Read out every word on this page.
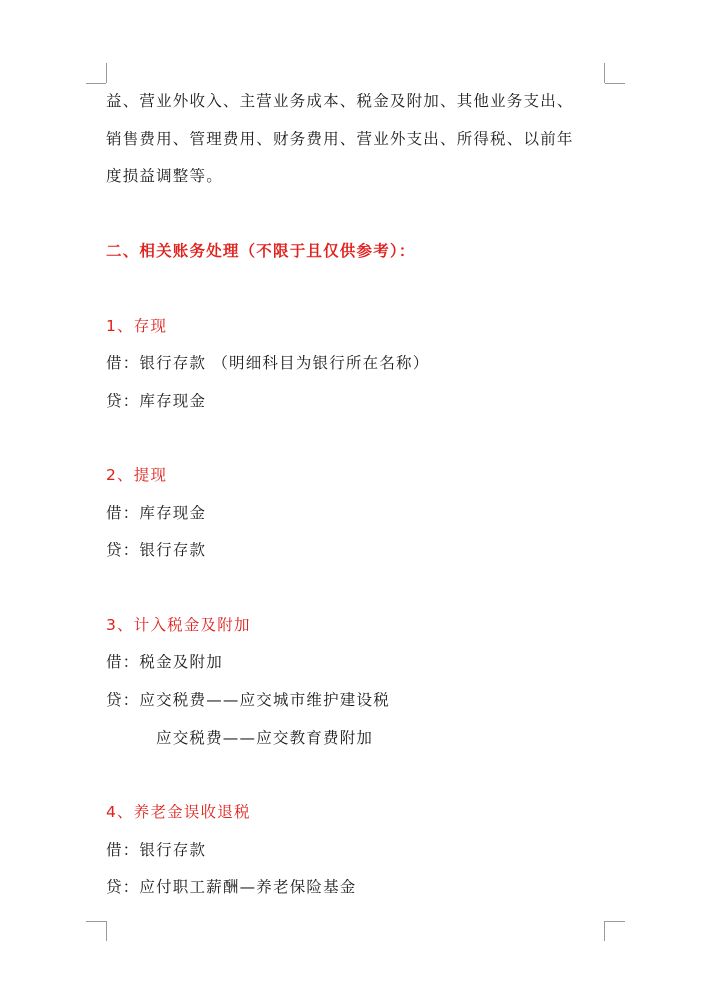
益、营业外收入、主营业务成本、税金及附加、其他业务支出、
销售费用、管理费用、财务费用、营业外支出、所得税、以前年
度损益调整等。
二、相关账务处理（不限于且仅供参考）：
1、存现
借：银行存款 （明细科目为银行所在名称）
贷：库存现金
2、提现
借：库存现金
贷：银行存款
3、计入税金及附加
借：税金及附加
贷：应交税费——应交城市维护建设税
应交税费——应交教育费附加
4、养老金误收退税
借：银行存款
贷：应付职工薪酬—养老保险基金
